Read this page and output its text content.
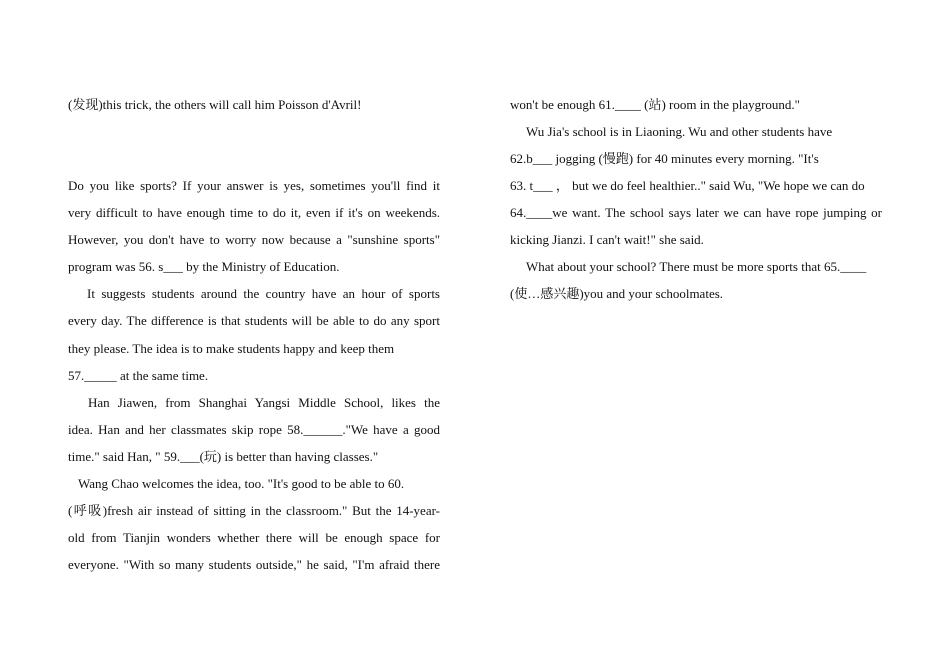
(发现)this trick, the others will call him Poisson d'Avril!
Do you like sports? If your answer is yes, sometimes you'll find it
very difficult to have enough time to do it, even if it's on weekends.
However, you don't have to worry now because a "sunshine sports"
program was 56. s___ by the Ministry of Education.
It suggests students around the country have an hour of sports
every day. The difference is that students will be able to do any sport
they please. The idea is to make students happy and keep them
57._____ at the same time.
Han Jiawen, from Shanghai Yangsi Middle School, likes the
idea. Han and her classmates skip rope 58.______."We have a good
time." said Han, " 59.___(玩) is better than having classes."
Wang Chao welcomes the idea, too. "It's good to be able to 60.
(呼吸)fresh air instead of sitting in the classroom." But the 14-year-
old from Tianjin wonders whether there will be enough space for
everyone. "With so many students outside," he said, "I'm afraid there
won't be enough 61.____ (站) room in the playground."
Wu Jia's school is in Liaoning. Wu and other students have
62.b___ jogging (慢跑) for 40 minutes every morning. "It's
63. t___ ， but we do feel healthier.." said Wu, "We hope we can do
64.____we want. The school says later we can have rope jumping or
kicking Jianzi. I can't wait!" she said.
What about your school? There must be more sports that 65.____
(使…感兴趣)you and your schoolmates.
